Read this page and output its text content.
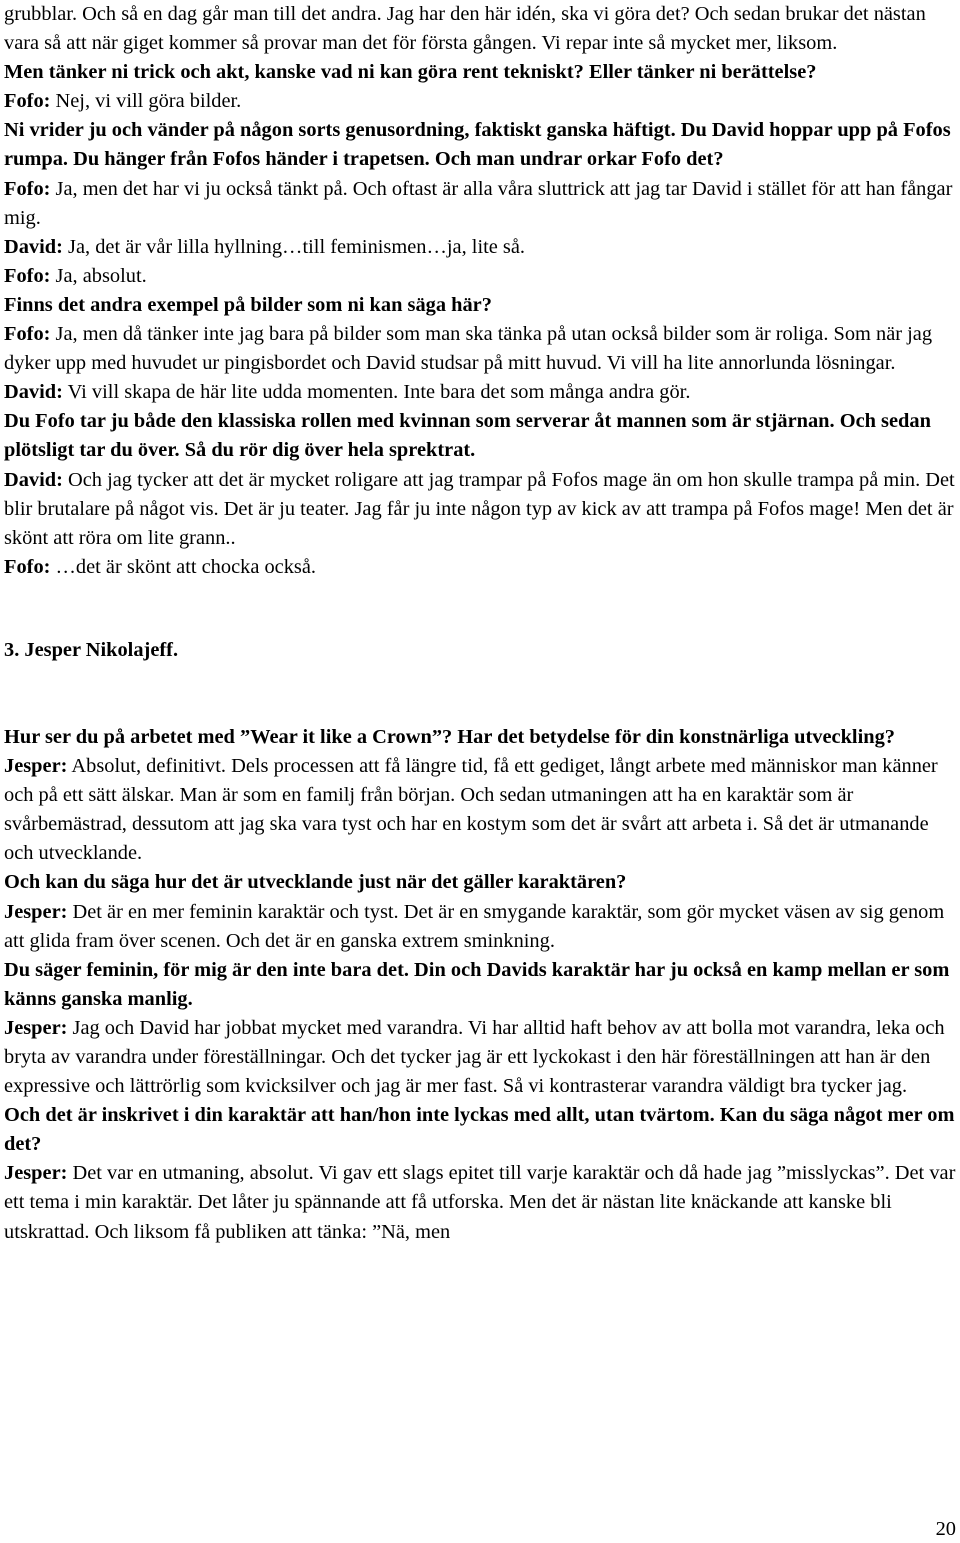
grubblar. Och så en dag går man till det andra. Jag har den här idén, ska vi göra det? Och sedan brukar det nästan vara så att när giget kommer så provar man det för första gången. Vi repar inte så mycket mer, liksom.

Men tänker ni trick och akt, kanske vad ni kan göra rent tekniskt? Eller tänker ni berättelse?

Fofo: Nej, vi vill göra bilder.

Ni vrider ju och vänder på någon sorts genusordning, faktiskt ganska häftigt. Du David hoppar upp på Fofos rumpa. Du hänger från Fofos händer i trapetsen. Och man undrar orkar Fofo det?

Fofo: Ja, men det har vi ju också tänkt på. Och oftast är alla våra sluttrick att jag tar David i stället för att han fångar mig.

David: Ja, det är vår lilla hyllning…till feminismen…ja, lite så.

Fofo: Ja, absolut.

Finns det andra exempel på bilder som ni kan säga här?

Fofo: Ja, men då tänker inte jag bara på bilder som man ska tänka på utan också bilder som är roliga. Som när jag dyker upp med huvudet ur pingisbordet och David studsar på mitt huvud. Vi vill ha lite annorlunda lösningar.

David: Vi vill skapa de här lite udda momenten. Inte bara det som många andra gör.

Du Fofo tar ju både den klassiska rollen med kvinnan som serverar åt mannen som är stjärnan. Och sedan plötsligt tar du över. Så du rör dig över hela sprektrat.

David: Och jag tycker att det är mycket roligare att jag trampar på Fofos mage än om hon skulle trampa på min. Det blir brutalare på något vis. Det är ju teater. Jag får ju inte någon typ av kick av att trampa på Fofos mage! Men det är skönt att röra om lite grann..

Fofo: …det är skönt att chocka också.

3. Jesper Nikolajeff.

Hur ser du på arbetet med ”Wear it like a Crown”? Har det betydelse för din konstnärliga utveckling?

Jesper: Absolut, definitivt. Dels processen att få längre tid, få ett gediget, långt arbete med människor man känner och på ett sätt älskar. Man är som en familj från början. Och sedan utmaningen att ha en karaktär som är svårbemästrad, dessutom att jag ska vara tyst och har en kostym som det är svårt att arbeta i. Så det är utmanande och utvecklande.

Och kan du säga hur det är utvecklande just när det gäller karaktären?

Jesper: Det är en mer feminin karaktär och tyst. Det är en smygande karaktär, som gör mycket väsen av sig genom att glida fram över scenen. Och det är en ganska extrem sminkning.

Du säger feminin, för mig är den inte bara det. Din och Davids karaktär har ju också en kamp mellan er som känns ganska manlig.

Jesper: Jag och David har jobbat mycket med varandra. Vi har alltid haft behov av att bolla mot varandra, leka och bryta av varandra under föreställningar. Och det tycker jag är ett lyckokast i den här föreställningen att han är den expressive och lättrörlig som kvicksilver och jag är mer fast. Så vi kontrasterar varandra väldigt bra tycker jag.

Och det är inskrivet i din karaktär att han/hon inte lyckas med allt, utan tvärtom. Kan du säga något mer om det?

Jesper: Det var en utmaning, absolut. Vi gav ett slags epitet till varje karaktär och då hade jag ”misslyckas”. Det var ett tema i min karaktär. Det låter ju spännande att få utforska. Men det är nästan lite knäckande att kanske bli utskrattad. Och liksom få publiken att tänka: ”Nä, men

20
